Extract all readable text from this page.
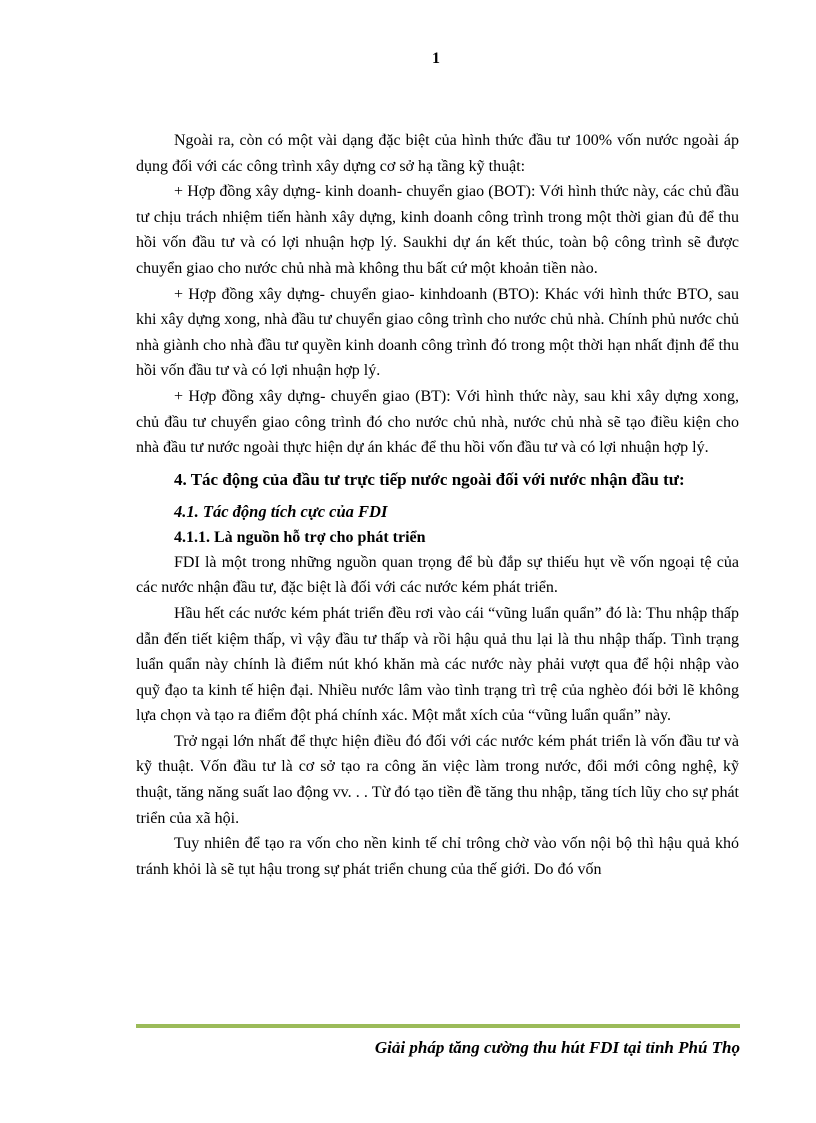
1

Ngoài ra, còn có một vài dạng đặc biệt của hình thức đầu tư 100% vốn nước ngoài áp dụng đối với các công trình xây dựng cơ sở hạ tầng kỹ thuật:

+ Hợp đồng xây dựng- kinh doanh- chuyển giao (BOT): Với hình thức này, các chủ đầu tư chịu trách nhiệm tiến hành xây dựng, kinh doanh công trình trong một thời gian đủ để thu hồi vốn đầu tư và có lợi nhuận hợp lý. Saukhi dự án kết thúc, toàn bộ công trình sẽ được chuyển giao cho nước chủ nhà mà không thu bất cứ một khoản tiền nào.

+ Hợp đồng xây dựng- chuyển giao- kinhdoanh (BTO): Khác với hình thức BTO, sau khi xây dựng xong, nhà đầu tư chuyển giao công trình cho nước chủ nhà. Chính phủ nước chủ nhà giành cho nhà đầu tư quyền kinh doanh công trình đó trong một thời hạn nhất định để thu hồi vốn đầu tư và có lợi nhuận hợp lý.

+ Hợp đồng xây dựng- chuyển giao (BT): Với hình thức này, sau khi xây dựng xong, chủ đầu tư chuyển giao công trình đó cho nước chủ nhà, nước chủ nhà sẽ tạo điều kiện cho nhà đầu tư nước ngoài thực hiện dự án khác để thu hồi vốn đầu tư và có lợi nhuận hợp lý.

4. Tác động của đầu tư trực tiếp nước ngoài đối với nước nhận đầu tư:
4.1. Tác động tích cực của FDI
4.1.1. Là nguồn hỗ trợ cho phát triển

FDI là một trong những nguồn quan trọng để bù đắp sự thiếu hụt về vốn ngoại tệ của các nước nhận đầu tư, đặc biệt là đối với các nước kém phát triển.

Hầu hết các nước kém phát triển đều rơi vào cái “vũng luẩn quẩn” đó là: Thu nhập thấp dẫn đến tiết kiệm thấp, vì vậy đầu tư thấp và rồi hậu quả thu lại là thu nhập thấp. Tình trạng luẩn quẩn này chính là điểm nút khó khăn mà các nước này phải vượt qua để hội nhập vào quỹ đạo ta kinh tế hiện đại. Nhiều nước lâm vào tình trạng trì trệ của nghèo đói bởi lẽ không lựa chọn và tạo ra điểm đột phá chính xác. Một mắt xích của “vũng luẩn quẩn” này.

Trở ngại lớn nhất để thực hiện điều đó đối với các nước kém phát triển là vốn đầu tư và kỹ thuật. Vốn đầu tư là cơ sở tạo ra công ăn việc làm trong nước, đổi mới công nghệ, kỹ thuật, tăng năng suất lao động vv. . . Từ đó tạo tiền đề tăng thu nhập, tăng tích lũy cho sự phát triển của xã hội.

Tuy nhiên để tạo ra vốn cho nền kinh tế chỉ trông chờ vào vốn nội bộ thì hậu quả khó tránh khỏi là sẽ tụt hậu trong sự phát triển chung của thế giới. Do đó vốn

Giải pháp tăng cường thu hút FDI tại tỉnh Phú Thọ
